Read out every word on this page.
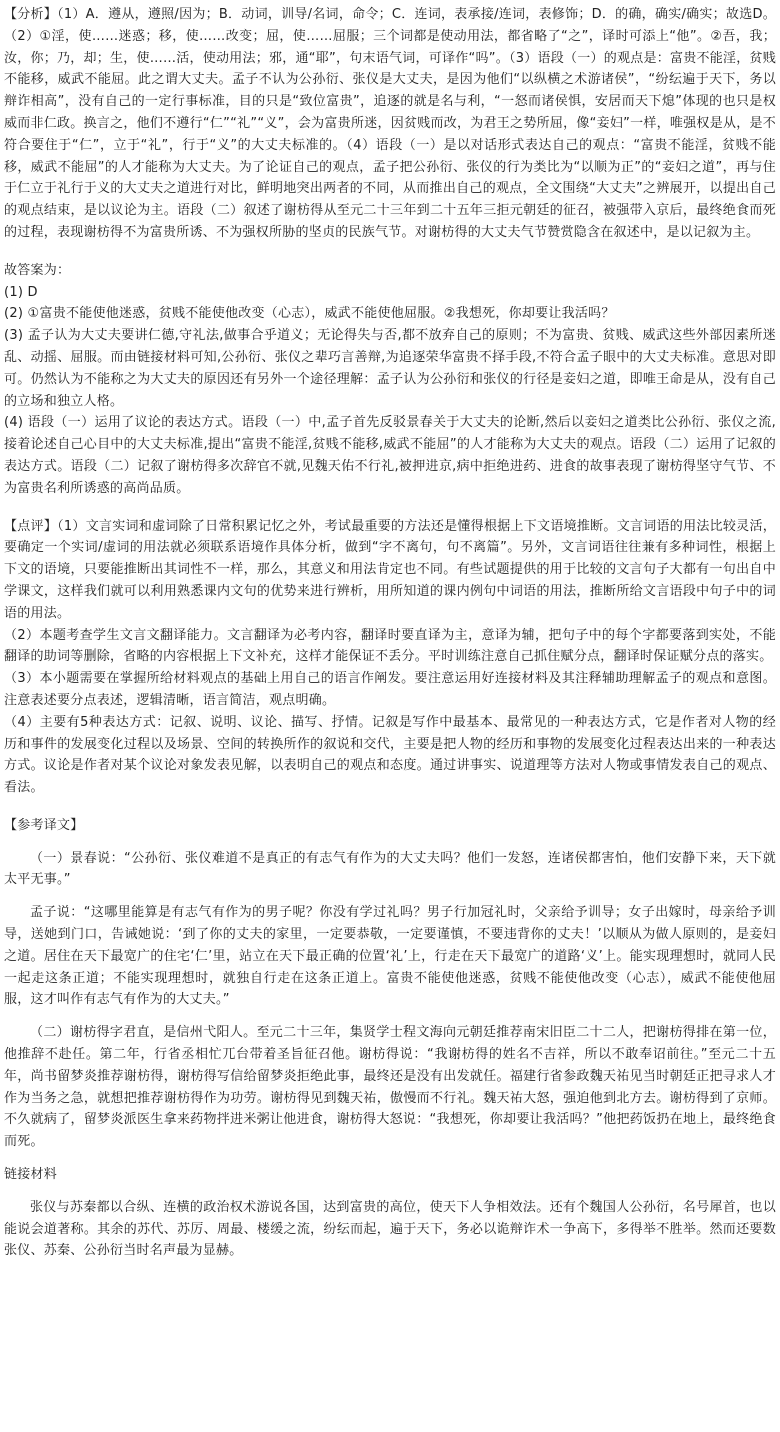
【分析】（1）A．遵从，遵照/因为；B．动词，训导/名词，命令；C．连词，表承接/连词，表修饰；D．的确，确实/确实；故选D。（2）①淫，使……迷惑；移，使……改变；屈，使……屈服；三个词都是使动用法，都省略了“之”，译时可添上“他”。②吾，我；汝，你；乃，却；生，使……活，使动用法；邪，通“耶”，句末语气词，可译作“吗”。（3）语段（一）的观点是：富贵不能淫，贫贱不能移，威武不能屈。此之谓大丈夫。孟子不认为公孙衍、张仪是大丈夫，是因为他们“以纵横之术游诸侯”，“纷纭遍于天下，务以辩诈相高”，没有自己的一定行事标准，目的只是“致位富贵”，追逐的就是名与利，“一怒而诸侯惧，安居而天下熄”体现的也只是权威而非仁政。换言之，他们不遵行“仁”“礼”“义”，会为富贵所迷，因贫贱而改，为君王之势所屈，像“妾妇”一样，唯强权是从，是不符合要住于“仁”，立于“礼”，行于“义”的大丈夫标准的。（4）语段（一）是以对话形式表达自己的观点：“富贵不能淫，贫贱不能移，威武不能屈”的人才能称为大丈夫。为了论证自己的观点，孟子把公孙衍、张仪的行为类比为“以顺为正”的“妾妇之道”，再与住于仁立于礼行于义的大丈夫之道进行对比，鲜明地突出两者的不同，从而推出自己的观点，全文围绕“大丈夫”之辨展开，以提出自己的观点结束，是以议论为主。语段（二）叙述了谢枋得从至元二十三年到二十五年三拒元朝廷的征召，被强带入京后，最终绝食而死的过程，表现谢枋得不为富贵所诱、不为强权所胁的坚贞的民族气节。对谢枋得的大丈夫气节赞赏隐含在叙述中，是以记叙为主。

故答案为：

(1) D

(2) ①富贵不能使他迷惑，贫贱不能使他改变（心志），威武不能使他屈服。②我想死，你却要让我活吗？

(3) 孟子认为大丈夫要讲仁德,守礼法,做事合乎道义；无论得失与否,都不放弃自己的原则；不为富贵、贫贱、威武这些外部因素所迷乱、动摇、屈服。而由链接材料可知,公孙衍、张仪之辈巧言善辩,为追逐荣华富贵不择手段,不符合孟子眼中的大丈夫标准。意思对即可。仍然认为不能称之为大丈夫的原因还有另外一个途径理解：孟子认为公孙衍和张仪的行径是妾妇之道，即唯王命是从，没有自己的立场和独立人格。

(4) 语段（一）运用了议论的表达方式。语段（一）中,孟子首先反驳景春关于大丈夫的论断,然后以妾妇之道类比公孙衍、张仪之流,接着论述自己心目中的大丈夫标准,提出“富贵不能淫,贫贱不能移,威武不能屈”的人才能称为大丈夫的观点。语段（二）运用了记叙的表达方式。语段（二）记叙了谢枋得多次辞官不就,见魏天佑不行礼,被押进京,病中拒绝进药、进食的故事表现了谢枋得坚守气节、不为富贵名利所诱惑的高尚品质。

【点评】（1）文言实词和虚词除了日常积累记忆之外，考试最重要的方法还是懂得根据上下文语境推断。文言词语的用法比较灵活，要确定一个实词/虚词的用法就必须联系语境作具体分析，做到“字不离句，句不离篇”。另外，文言词语往往兼有多种词性，根据上下文的语境，只要能推断出其词性不一样，那么，其意义和用法肯定也不同。有些试题提供的用于比较的文言句子大都有一句出自中学课文，这样我们就可以利用熟悉课内文句的优势来进行辨析，用所知道的课内例句中词语的用法，推断所给文言语段中句子中的词语的用法。

（2）本题考查学生文言文翻译能力。文言翻译为必考内容，翻译时要直译为主，意译为辅，把句子中的每个字都要落到实处，不能翻译的助词等删除，省略的内容根据上下文补充，这样才能保证不丢分。平时训练注意自己抓住赋分点，翻译时保证赋分点的落实。

（3）本小题需要在掌握所给材料观点的基础上用自己的语言作阐发。要注意运用好连接材料及其注释辅助理解孟子的观点和意图。注意表述要分点表述，逻辑清晰，语言简洁，观点明确。

（4）主要有5种表达方式：记叙、说明、议论、描写、抒情。记叙是写作中最基本、最常见的一种表达方式，它是作者对人物的经历和事件的发展变化过程以及场景、空间的转换所作的叙说和交代，主要是把人物的经历和事物的发展变化过程表达出来的一种表达方式。议论是作者对某个议论对象发表见解，以表明自己的观点和态度。通过讲事实、说道理等方法对人物或事情发表自己的观点、看法。

【参考译文】

（一）景春说：“公孙衍、张仪难道不是真正的有志气有作为的大丈夫吗？他们一发怒，连诸侯都害怕，他们安静下来，天下就太平无事。”

孟子说：“这哪里能算是有志气有作为的男子呢？你没有学过礼吗？男子行加冠礼时，父亲给予训导；女子出嫁时，母亲给予训导，送她到门口，告诫她说：‘到了你的丈夫的家里，一定要恭敬，一定要谨慎，不要违背你的丈夫！’以顺从为做人原则的，是妾妇之道。居住在天下最宽广的住宅‘仁’里，站立在天下最正确的位置‘礼’上，行走在天下最宽广的道路‘义’上。能实现理想时，就同人民一起走这条正道；不能实现理想时，就独自行走在这条正道上。富贵不能使他迷惑，贫贱不能使他改变（心志），威武不能使他屈服，这才叫作有志气有作为的大丈夫。”

（二）谢枋得字君直，是信州弋阳人。至元二十三年，集贤学士程文海向元朝廷推荐南宋旧臣二十二人，把谢枋得排在第一位，他推辞不赴任。第二年，行省丞相忙兀台带着圣旨征召他。谢枋得说：“我谢枋得的姓名不吉祥，所以不敢奉诏前往。”至元二十五年，尚书留梦炎推荐谢枋得，谢枋得写信给留梦炎拒绝此事，最终还是没有出发就任。福建行省参政魏天祐见当时朝廷正把寻求人才作为当务之急，就想把推荐谢枋得作为功劳。谢枋得见到魏天祐，傲慢而不行礼。魏天祐大怒，强迫他到北方去。谢枋得到了京师。不久就病了，留梦炎派医生拿来药物拌进米粥让他进食，谢枋得大怒说：“我想死，你却要让我活吗？”他把药饭扔在地上，最终绝食而死。

链接材料

张仪与苏秦都以合纵、连横的政治权术游说各国，达到富贵的高位，使天下人争相效法。还有个魏国人公孙衍，名号犀首，也以能说会道著称。其余的苏代、苏厉、周最、楼缓之流，纷纭而起，遍于天下，务必以诡辩诈术一争高下，多得举不胜举。然而还要数张仪、苏秦、公孙衍当时名声最为显赫。
